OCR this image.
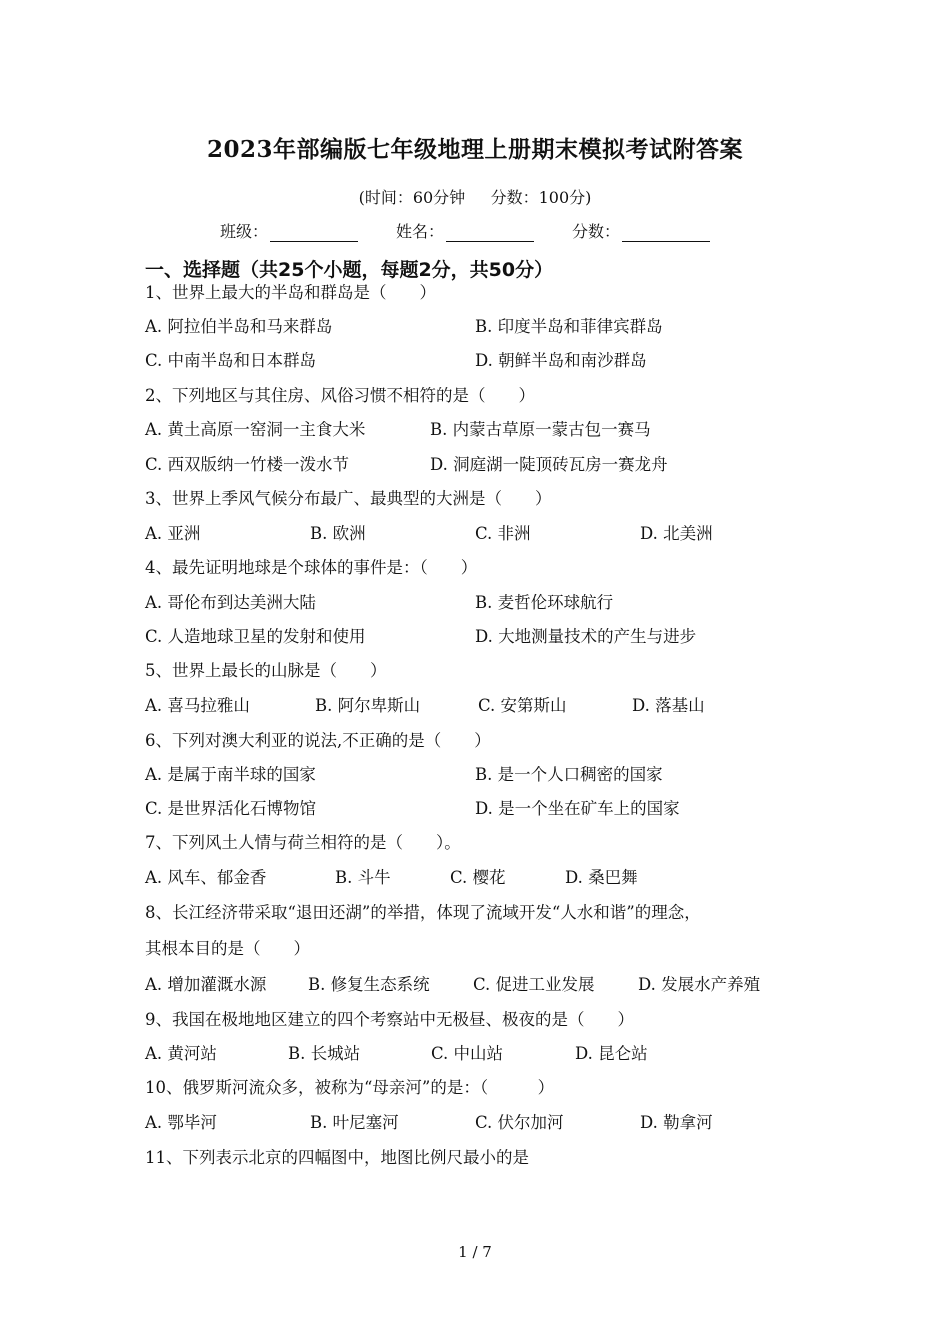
2023年部编版七年级地理上册期末模拟考试附答案
(时间：60分钟     分数：100分)
班级：	姓名：	分数：
一、选择题（共25个小题，每题2分，共50分）
1、世界上最大的半岛和群岛是（　　）
A. 阿拉伯半岛和马来群岛	B. 印度半岛和菲律宾群岛
C. 中南半岛和日本群岛	D. 朝鲜半岛和南沙群岛
2、下列地区与其住房、风俗习惯不相符的是（　　）
A. 黄土高原一窑洞一主食大米	B. 内蒙古草原一蒙古包一赛马
C. 西双版纳一竹楼一泼水节	D. 洞庭湖一陡顶砖瓦房一赛龙舟
3、世界上季风气候分布最广、最典型的大洲是（　　）
A. 亚洲	B. 欧洲	C. 非洲	D. 北美洲
4、最先证明地球是个球体的事件是：（　　）
A. 哥伦布到达美洲大陆	B. 麦哲伦环球航行
C. 人造地球卫星的发射和使用	D. 大地测量技术的产生与进步
5、世界上最长的山脉是（　　）
A. 喜马拉雅山	B. 阿尔卑斯山	C. 安第斯山	D. 落基山
6、下列对澳大利亚的说法,不正确的是（　　）
A. 是属于南半球的国家	B. 是一个人口稠密的国家
C. 是世界活化石博物馆	D. 是一个坐在矿车上的国家
7、下列风土人情与荷兰相符的是（　　）。
A. 风车、郁金香	B. 斗牛	C. 樱花	D. 桑巴舞
8、长江经济带采取“退田还湖”的举措，体现了流域开发“人水和谐”的理念，
其根本目的是（　　）
A. 增加灌溉水源	B. 修复生态系统	C. 促进工业发展	D. 发展水产养殖
9、我国在极地地区建立的四个考察站中无极昼、极夜的是（　　）
A. 黄河站	B. 长城站	C. 中山站	D. 昆仑站
10、俄罗斯河流众多，被称为“母亲河”的是：（　　　）
A. 鄂毕河	B. 叶尼塞河	C. 伏尔加河	D. 勒拿河
11、下列表示北京的四幅图中，地图比例尺最小的是
1 / 7
